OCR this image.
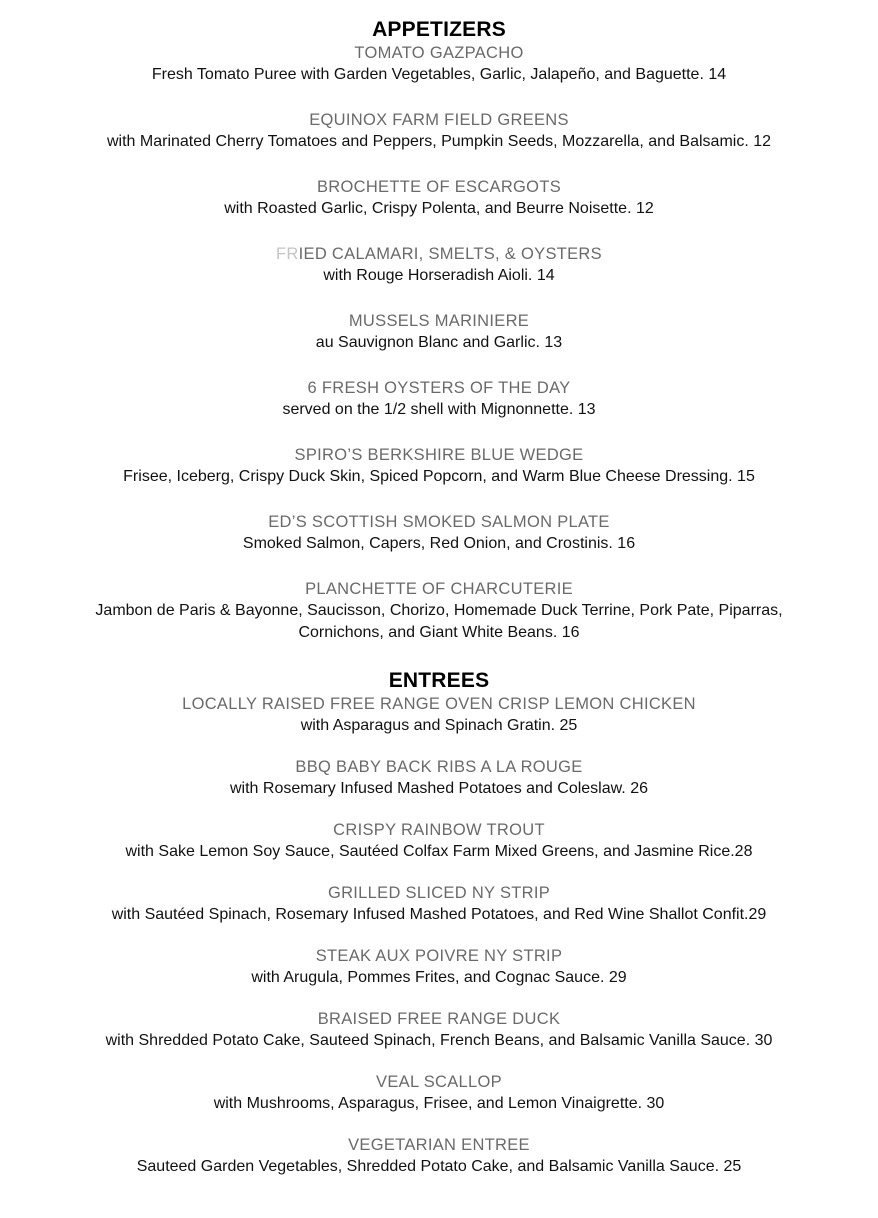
APPETIZERS
TOMATO GAZPACHO
Fresh Tomato Puree with Garden Vegetables, Garlic, Jalapeño, and Baguette. 14
EQUINOX FARM FIELD GREENS
with Marinated Cherry Tomatoes and Peppers, Pumpkin Seeds, Mozzarella, and Balsamic. 12
BROCHETTE OF ESCARGOTS
with Roasted Garlic, Crispy Polenta, and Beurre Noisette. 12
FRIED CALAMARI, SMELTS, & OYSTERS
with Rouge Horseradish Aioli. 14
MUSSELS MARINIERE
au Sauvignon Blanc and Garlic. 13
6 FRESH OYSTERS OF THE DAY
served on the 1/2 shell with Mignonnette. 13
SPIRO’S BERKSHIRE BLUE WEDGE
Frisee, Iceberg, Crispy Duck Skin, Spiced Popcorn, and Warm Blue Cheese Dressing. 15
ED’S SCOTTISH SMOKED SALMON PLATE
Smoked Salmon, Capers, Red Onion, and Crostinis. 16
PLANCHETTE OF CHARCUTERIE
Jambon de Paris & Bayonne, Saucisson, Chorizo, Homemade Duck Terrine, Pork Pate, Piparras,
Cornichons, and Giant White Beans. 16
ENTREES
LOCALLY RAISED FREE RANGE OVEN CRISP LEMON CHICKEN
with Asparagus and Spinach Gratin. 25
BBQ BABY BACK RIBS A LA ROUGE
with Rosemary Infused Mashed Potatoes and Coleslaw. 26
CRISPY RAINBOW TROUT
with Sake Lemon Soy Sauce, Sautéed Colfax Farm Mixed Greens, and Jasmine Rice.28
GRILLED SLICED NY STRIP
with Sautéed Spinach, Rosemary Infused Mashed Potatoes, and Red Wine Shallot Confit.29
STEAK AUX POIVRE NY STRIP
with Arugula, Pommes Frites, and Cognac Sauce. 29
BRAISED FREE RANGE DUCK
with Shredded Potato Cake, Sauteed Spinach, French Beans, and Balsamic Vanilla Sauce. 30
VEAL SCALLOP
with Mushrooms, Asparagus, Frisee, and Lemon Vinaigrette. 30
VEGETARIAN ENTREE
Sauteed Garden Vegetables, Shredded Potato Cake, and Balsamic Vanilla Sauce. 25
